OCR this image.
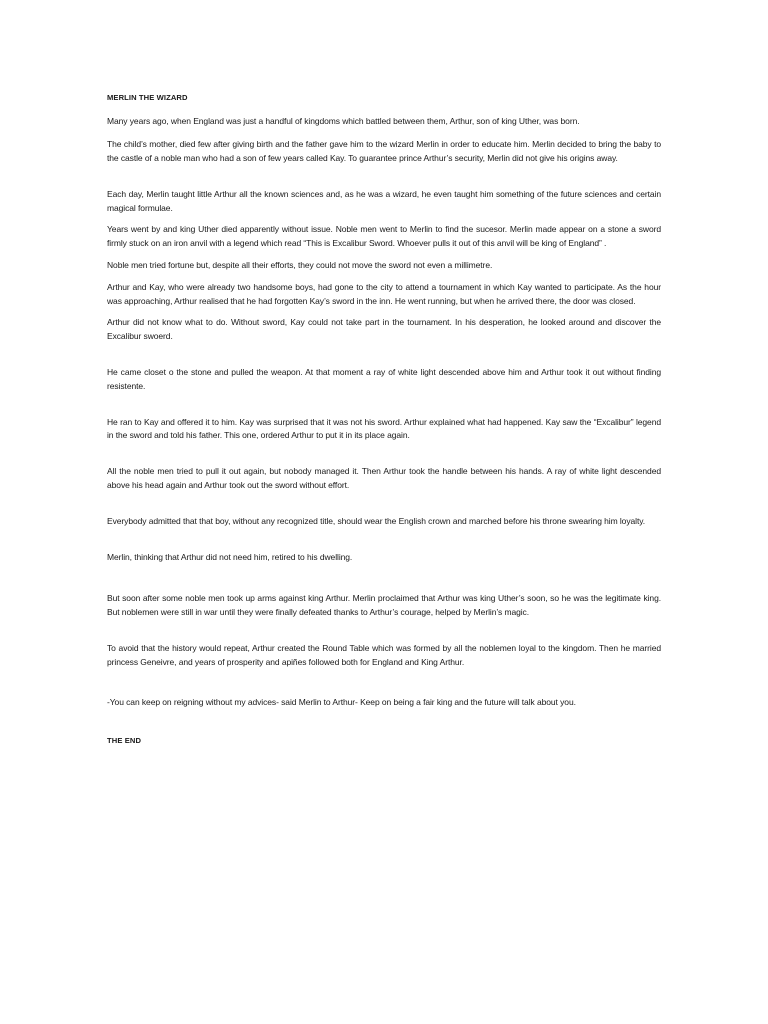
MERLIN THE WIZARD

Many years ago, when England was just a handful of kingdoms which battled between them, Arthur, son of king Uther, was born.

The child’s mother, died few after giving birth and the father gave him to the wizard Merlin in order to educate him. Merlin decided to bring the baby to the castle of a noble man who had a son of few years called Kay. To guarantee prince Arthur’s security, Merlin did not give his origins away.

Each day, Merlin taught little Arthur all the known sciences and, as he was a wizard, he even taught him something of the future sciences and certain magical formulae.

Years went by and king Uther died apparently without issue. Noble men went to Merlin to find the sucesor. Merlin made appear on a stone a sword firmly stuck on an iron anvil with a legend which read “This is Excalibur Sword. Whoever pulls it out of this anvil will be king of England” .

Noble men tried fortune but, despite all their efforts, they could not move the sword not even a millimetre.

Arthur and Kay, who were already two handsome boys, had gone to the city to attend a tournament in which Kay wanted to participate. As the hour was approaching, Arthur realised that he had forgotten Kay’s sword in the inn. He went running, but when he arrived there, the door was closed.

Arthur did not know what to do. Without sword, Kay could not take part in the tournament. In his desperation, he looked around and discover the Excalibur swoerd.

He came closet o the stone and pulled the weapon. At that moment a ray of white light descended above him and Arthur took it out without finding resistente.

He ran to Kay and offered it to him. Kay was surprised that it was not his sword. Arthur explained what had happened. Kay saw the “Excalibur” legend in the sword and told his father. This one, ordered Arthur to put it in its place again.

All the noble men tried to pull it out again, but nobody managed it. Then Arthur took the handle between his hands. A ray of white light descended above his head again and Arthur took out the sword without effort.

Everybody admitted that that boy, without any recognized title, should wear the English crown and marched before his throne swearing him loyalty.

Merlin, thinking that Arthur did not need him, retired to his dwelling.

But soon after some noble men took up arms against king Arthur. Merlin proclaimed that Arthur was king Uther’s soon, so he was the legitimate king. But noblemen were still in war until they were finally defeated thanks to Arthur’s courage, helped by Merlin’s magic.

To avoid that the history would repeat, Arthur created the Round Table which was formed by all the noblemen loyal to the kingdom. Then he married princess Geneivre, and years of prosperity and apiñes followed both for England and King Arthur.

-You can keep on reigning without my advices- said Merlin to Arthur- Keep on being a fair king and the future will talk about you.

THE END
